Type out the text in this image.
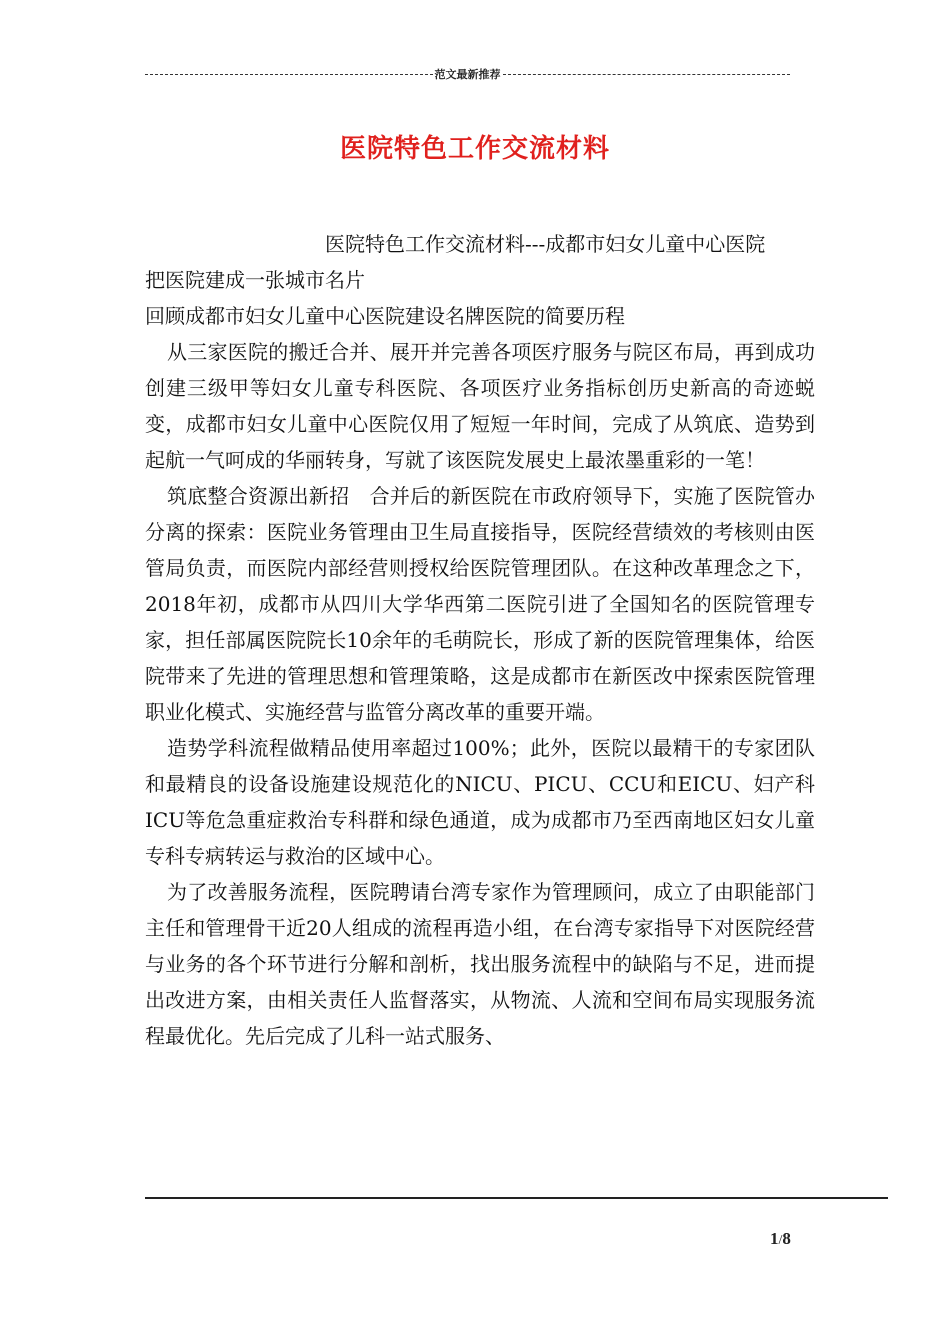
范文最新推荐
医院特色工作交流材料

医院特色工作交流材料---成都市妇女儿童中心医院

把医院建成一张城市名片

回顾成都市妇女儿童中心医院建设名牌医院的简要历程

从三家医院的搬迁合并、展开并完善各项医疗服务与院区布局，再到成功创建三级甲等妇女儿童专科医院、各项医疗业务指标创历史新高的奇迹蜕变，成都市妇女儿童中心医院仅用了短短一年时间，完成了从筑底、造势到起航一气呵成的华丽转身，写就了该医院发展史上最浓墨重彩的一笔！

筑底整合资源出新招　合并后的新医院在市政府领导下，实施了医院管办分离的探索：医院业务管理由卫生局直接指导，医院经营绩效的考核则由医管局负责，而医院内部经营则授权给医院管理团队。在这种改革理念之下，2018年初，成都市从四川大学华西第二医院引进了全国知名的医院管理专家，担任部属医院院长10余年的毛萌院长，形成了新的医院管理集体，给医院带来了先进的管理思想和管理策略，这是成都市在新医改中探索医院管理职业化模式、实施经营与监管分离改革的重要开端。

造势学科流程做精品使用率超过100%；此外，医院以最精干的专家团队和最精良的设备设施建设规范化的NICU、PICU、CCU和EICU、妇产科ICU等危急重症救治专科群和绿色通道，成为成都市乃至西南地区妇女儿童专科专病转运与救治的区域中心。

为了改善服务流程，医院聘请台湾专家作为管理顾问，成立了由职能部门主任和管理骨干近20人组成的流程再造小组，在台湾专家指导下对医院经营与业务的各个环节进行分解和剖析，找出服务流程中的缺陷与不足，进而提出改进方案，由相关责任人监督落实，从物流、人流和空间布局实现服务流程最优化。先后完成了儿科一站式服务、

1/8
